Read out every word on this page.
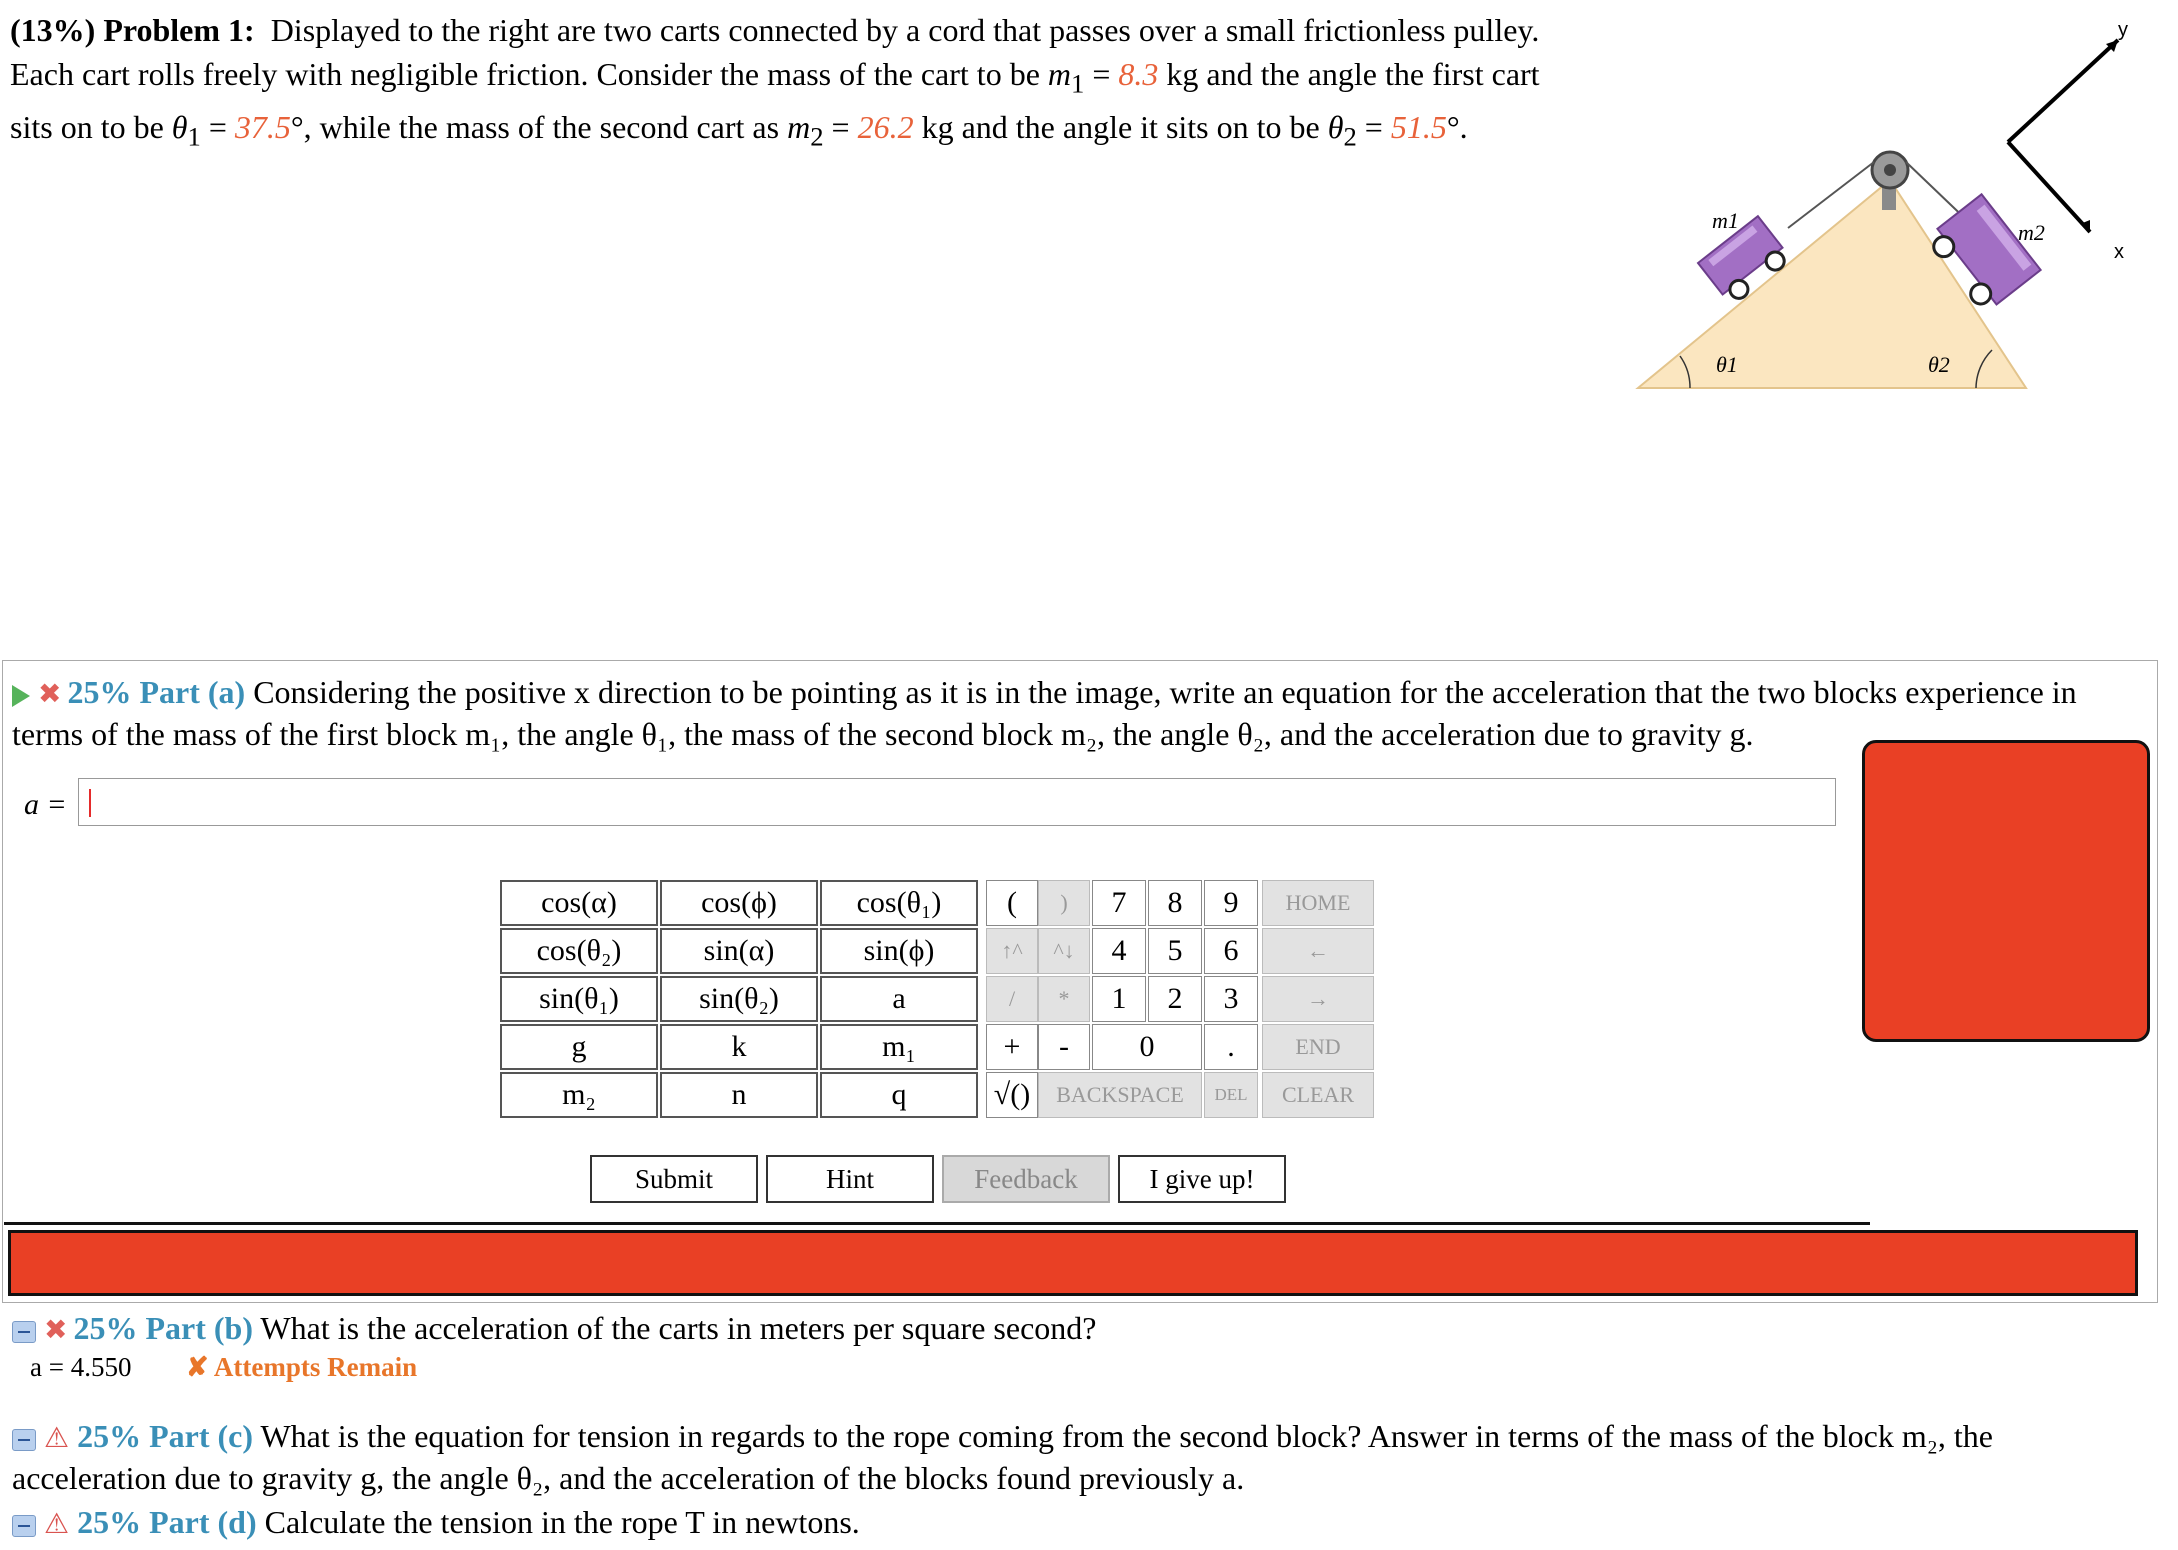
(13%) Problem 1: Displayed to the right are two carts connected by a cord that passes over a small frictionless pulley.
Each cart rolls freely with negligible friction. Consider the mass of the cart to be $m_1 = 8.3$ kg and the angle the first cart
sits on to be $\theta_1 = 37.5^\circ$, while the mass of the second cart as $m_2 = 26.2$ kg and the angle it sits on to be $\theta_2 = 51.5^\circ$.
m1	m2
θ1	θ2
y
x
✖ 25% Part (a) Considering the positive x direction to be pointing as it is in the image, write an equation for the acceleration that the two blocks experience in
terms of the mass of the first block m₁, the angle θ₁, the mass of the second block m₂, the angle θ₂, and the acceleration due to gravity g.
a =
cos(α)	cos(ϕ)	cos(θ₁)
cos(θ₂)	sin(α)	sin(ϕ)
sin(θ₁)	sin(θ₂)	a
g	k	m₁
m₂	n	q
(	)	7	8	9	HOME
↑^	^↓	4	5	6	←
/	*	1	2	3	→
+	-	0	.	END
√()	BACKSPACE	DEL	CLEAR
Submit	Hint	Feedback	I give up!
✖ 25% Part (b) What is the acceleration of the carts in meters per square second?
a = 4.550 ✘ Attempts Remain
⚠ 25% Part (c) What is the equation for tension in regards to the rope coming from the second block? Answer in terms of the mass of the block m₂, the
acceleration due to gravity g, the angle θ₂, and the acceleration of the blocks found previously a.
⚠ 25% Part (d) Calculate the tension in the rope T in newtons.
